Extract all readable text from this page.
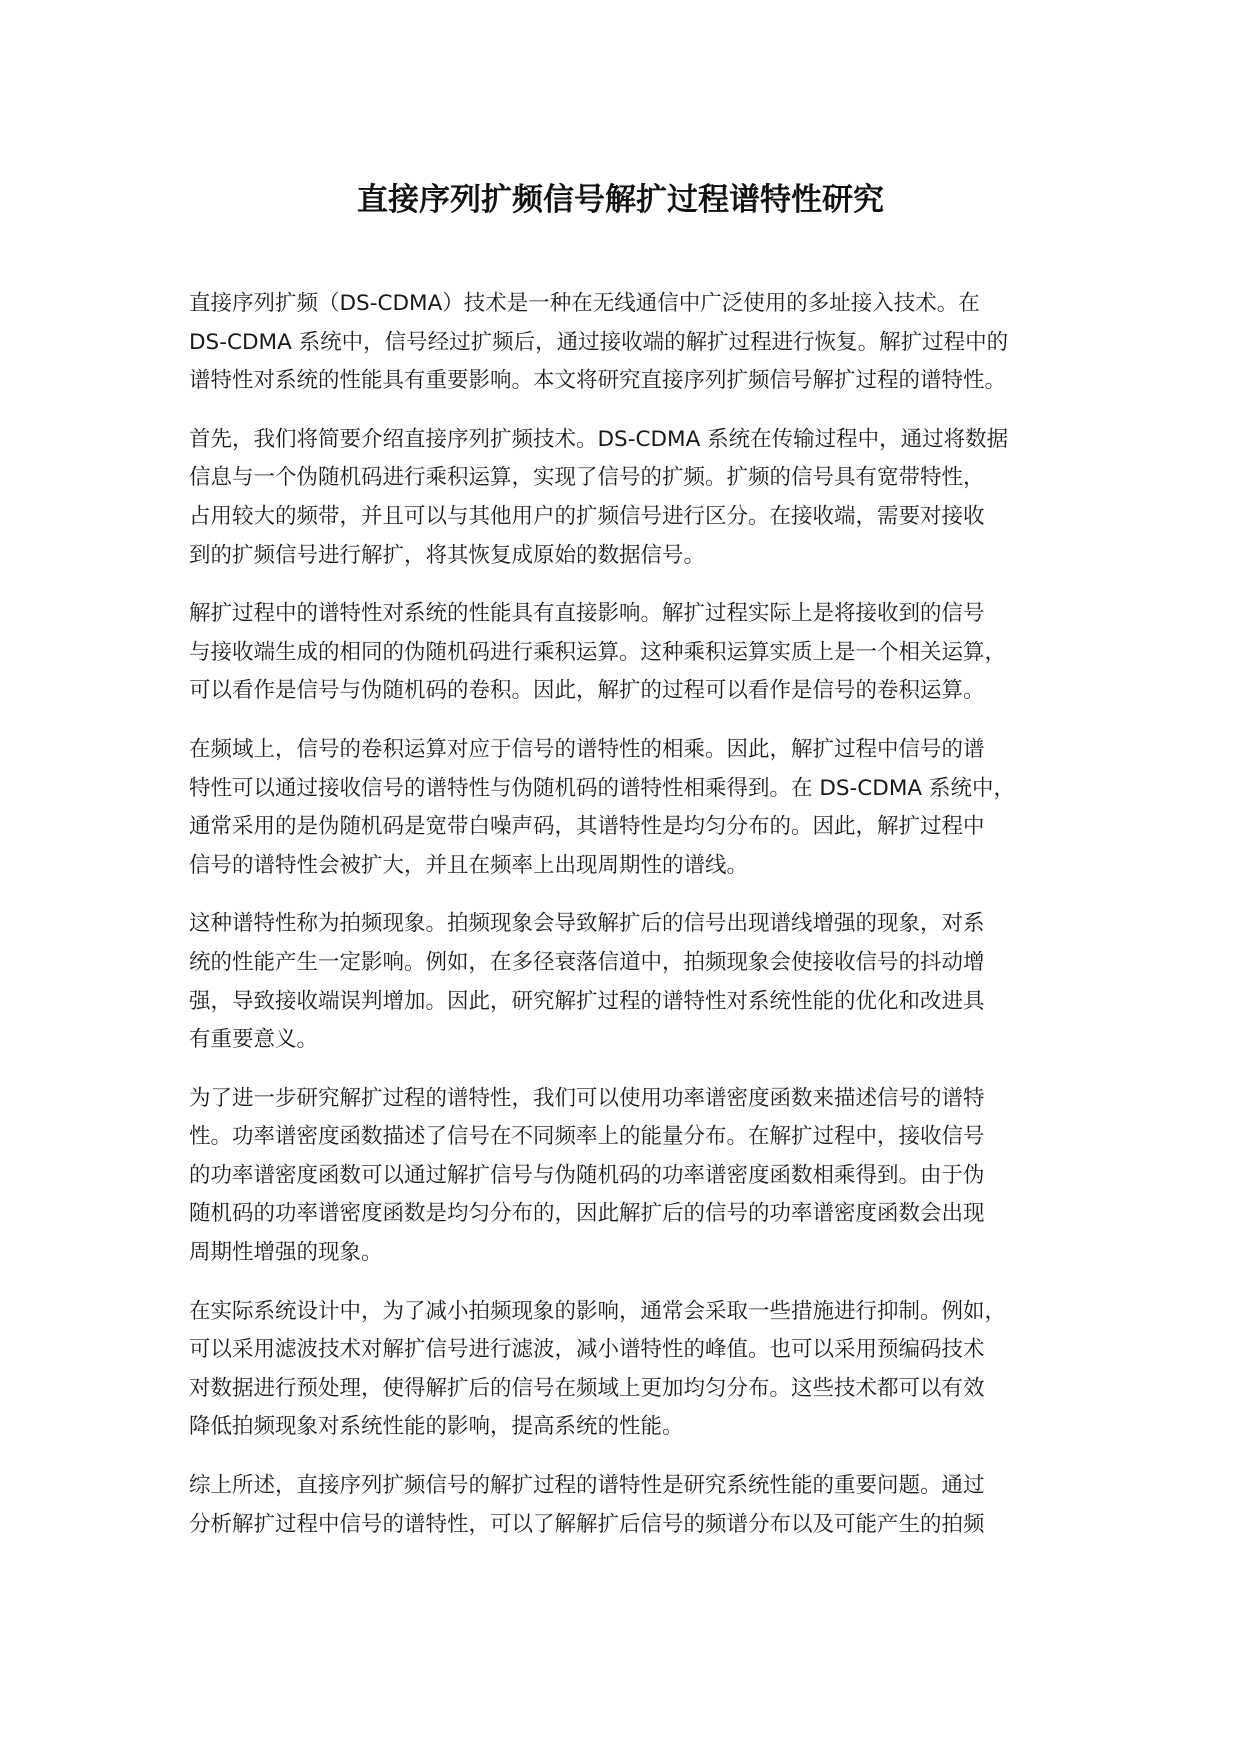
直接序列扩频信号解扩过程谱特性研究

直接序列扩频（DS-CDMA）技术是一种在无线通信中广泛使用的多址接入技术。在
DS-CDMA 系统中，信号经过扩频后，通过接收端的解扩过程进行恢复。解扩过程中的
谱特性对系统的性能具有重要影响。本文将研究直接序列扩频信号解扩过程的谱特性。

首先，我们将简要介绍直接序列扩频技术。DS-CDMA 系统在传输过程中，通过将数据
信息与一个伪随机码进行乘积运算，实现了信号的扩频。扩频的信号具有宽带特性，
占用较大的频带，并且可以与其他用户的扩频信号进行区分。在接收端，需要对接收
到的扩频信号进行解扩，将其恢复成原始的数据信号。

解扩过程中的谱特性对系统的性能具有直接影响。解扩过程实际上是将接收到的信号
与接收端生成的相同的伪随机码进行乘积运算。这种乘积运算实质上是一个相关运算，
可以看作是信号与伪随机码的卷积。因此，解扩的过程可以看作是信号的卷积运算。

在频域上，信号的卷积运算对应于信号的谱特性的相乘。因此，解扩过程中信号的谱
特性可以通过接收信号的谱特性与伪随机码的谱特性相乘得到。在 DS-CDMA 系统中，
通常采用的是伪随机码是宽带白噪声码，其谱特性是均匀分布的。因此，解扩过程中
信号的谱特性会被扩大，并且在频率上出现周期性的谱线。

这种谱特性称为拍频现象。拍频现象会导致解扩后的信号出现谱线增强的现象，对系
统的性能产生一定影响。例如，在多径衰落信道中，拍频现象会使接收信号的抖动增
强，导致接收端误判增加。因此，研究解扩过程的谱特性对系统性能的优化和改进具
有重要意义。

为了进一步研究解扩过程的谱特性，我们可以使用功率谱密度函数来描述信号的谱特
性。功率谱密度函数描述了信号在不同频率上的能量分布。在解扩过程中，接收信号
的功率谱密度函数可以通过解扩信号与伪随机码的功率谱密度函数相乘得到。由于伪
随机码的功率谱密度函数是均匀分布的，因此解扩后的信号的功率谱密度函数会出现
周期性增强的现象。

在实际系统设计中，为了减小拍频现象的影响，通常会采取一些措施进行抑制。例如，
可以采用滤波技术对解扩信号进行滤波，减小谱特性的峰值。也可以采用预编码技术
对数据进行预处理，使得解扩后的信号在频域上更加均匀分布。这些技术都可以有效
降低拍频现象对系统性能的影响，提高系统的性能。

综上所述，直接序列扩频信号的解扩过程的谱特性是研究系统性能的重要问题。通过
分析解扩过程中信号的谱特性，可以了解解扩后信号的频谱分布以及可能产生的拍频
